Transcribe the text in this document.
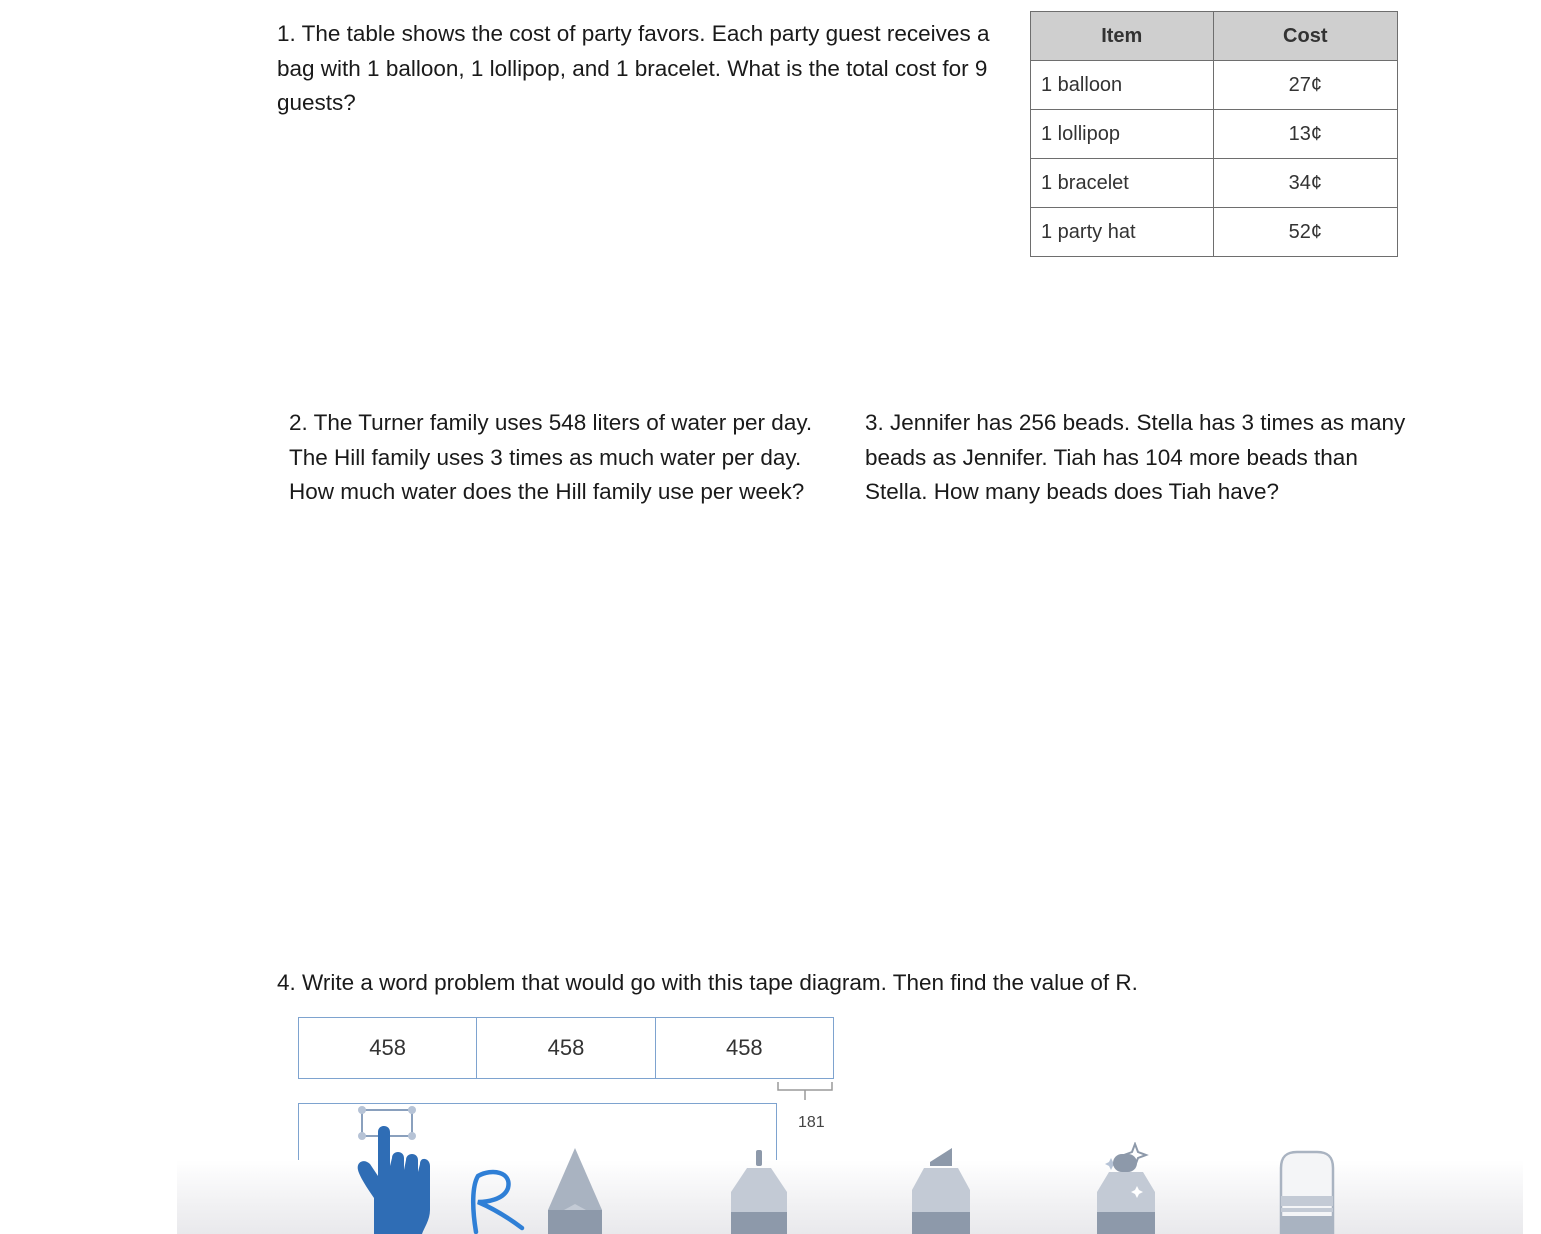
1. The table shows the cost of party favors. Each party guest receives a bag with 1 balloon, 1 lollipop, and 1 bracelet. What is the total cost for 9 guests?

Item	Cost
1 balloon	27¢
1 lollipop	13¢
1 bracelet	34¢
1 party hat	52¢

2. The Turner family uses 548 liters of water per day. The Hill family uses 3 times as much water per day. How much water does the Hill family use per week?

3. Jennifer has 256 beads. Stella has 3 times as many beads as Jennifer. Tiah has 104 more beads than Stella. How many beads does Tiah have?

4. Write a word problem that would go with this tape diagram. Then find the value of R.

458	458	458
181
